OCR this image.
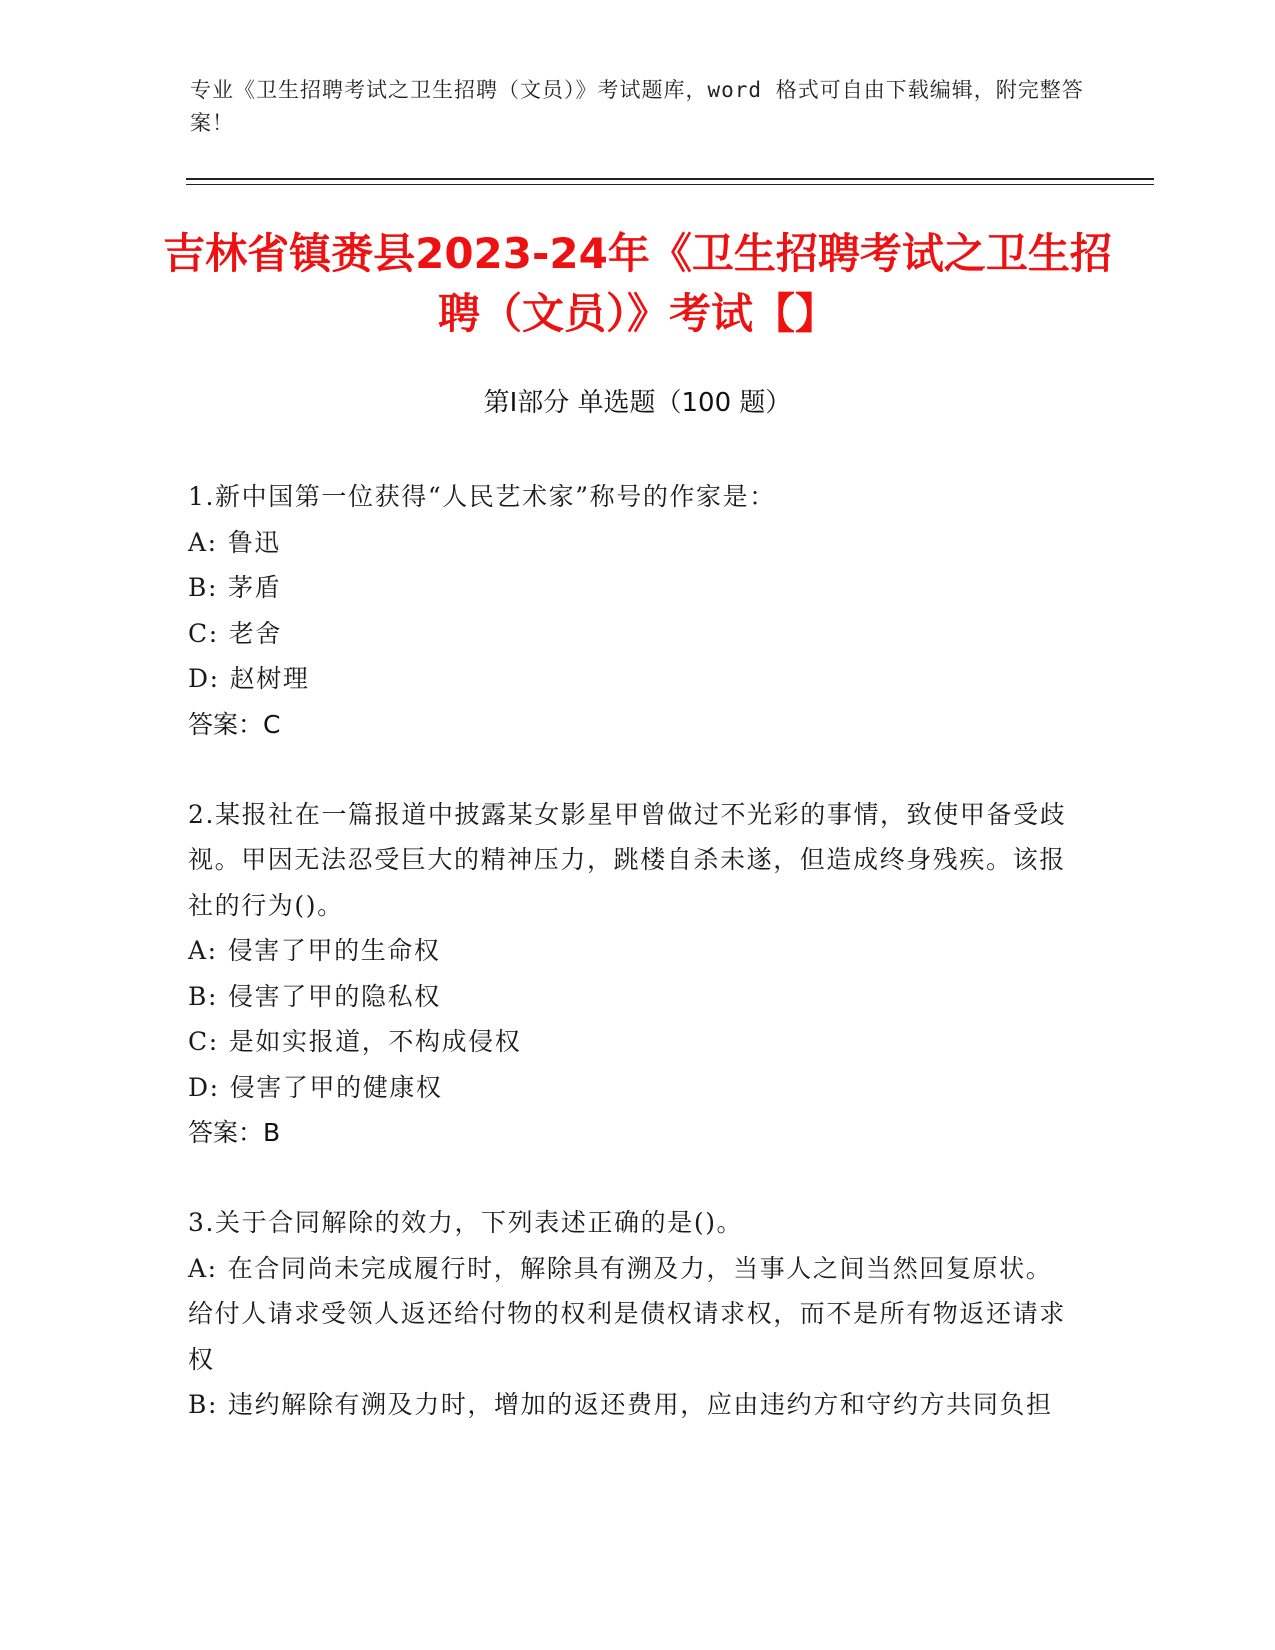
专业《卫生招聘考试之卫生招聘（文员）》考试题库，word 格式可自由下载编辑，附完整答案！
吉林省镇赉县2023-24年《卫生招聘考试之卫生招聘（文员）》考试【】
第Ⅰ部分 单选题（100 题）

1.新中国第一位获得“人民艺术家”称号的作家是：

A: 鲁迅

B: 茅盾

C: 老舍

D: 赵树理

答案：C

2.某报社在一篇报道中披露某女影星甲曾做过不光彩的事情，致使甲备受歧视。甲因无法忍受巨大的精神压力，跳楼自杀未遂，但造成终身残疾。该报社的行为()。

A: 侵害了甲的生命权

B: 侵害了甲的隐私权

C: 是如实报道，不构成侵权

D: 侵害了甲的健康权

答案：B

3.关于合同解除的效力，下列表述正确的是()。

A: 在合同尚未完成履行时，解除具有溯及力，当事人之间当然回复原状。给付人请求受领人返还给付物的权利是债权请求权，而不是所有物返还请求权

B: 违约解除有溯及力时，增加的返还费用，应由违约方和守约方共同负担
